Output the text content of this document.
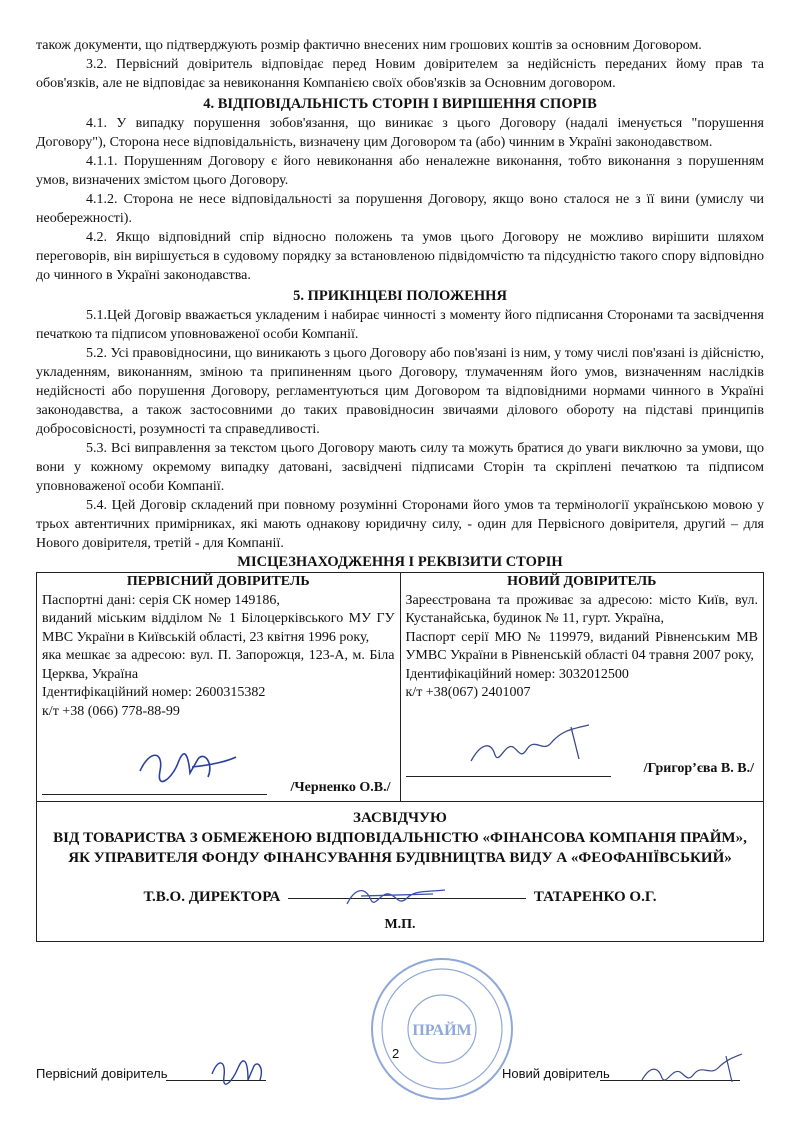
також документи, що підтверджують розмір фактично внесених ним грошових коштів за основним Договором.

3.2. Первісний довіритель відповідає перед Новим довірителем за недійсність переданих йому прав та обов'язків, але не відповідає за невиконання Компанією своїх обов'язків за Основним договором.

4. ВІДПОВІДАЛЬНІСТЬ СТОРІН І ВИРІШЕННЯ СПОРІВ

4.1. У випадку порушення зобов'язання, що виникає з цього Договору (надалі іменується "порушення Договору"), Сторона несе відповідальність, визначену цим Договором та (або) чинним в Україні законодавством.

4.1.1. Порушенням Договору є його невиконання або неналежне виконання, тобто виконання з порушенням умов, визначених змістом цього Договору.

4.1.2. Сторона не несе відповідальності за порушення Договору, якщо воно сталося не з її вини (умислу чи необережності).

4.2. Якщо відповідний спір відносно положень та умов цього Договору не можливо вирішити шляхом переговорів, він вирішується в судовому порядку за встановленою підвідомчістю та підсудністю такого спору відповідно до чинного в Україні законодавства.

5. ПРИКІНЦЕВІ ПОЛОЖЕННЯ

5.1.Цей Договір вважається укладеним і набирає чинності з моменту його підписання Сторонами та засвідчення печаткою та підписом уповноваженої особи Компанії.

5.2. Усі правовідносини, що виникають з цього Договору або пов'язані із ним, у тому числі пов'язані із дійсністю, укладенням, виконанням, зміною та припиненням цього Договору, тлумаченням його умов, визначенням наслідків недійсності або порушення Договору, регламентуються цим Договором та відповідними нормами чинного в Україні законодавства, а також застосовними до таких правовідносин звичаями ділового обороту на підставі принципів добросовісності, розумності та справедливості.

5.3. Всі виправлення за текстом цього Договору мають силу та можуть братися до уваги виключно за умови, що вони у кожному окремому випадку датовані, засвідчені підписами Сторін та скріплені печаткою та підписом уповноваженої особи Компанії.

5.4. Цей Договір складений при повному розумінні Сторонами його умов та термінології українською мовою у трьох автентичних примірниках, які мають однакову юридичну силу, - один для Первісного довірителя, другий – для Нового довірителя, третій - для Компанії.

МІСЦЕЗНАХОДЖЕННЯ І РЕКВІЗИТИ СТОРІН
ПЕРВІСНИЙ ДОВІРИТЕЛЬ

Паспортні дані: серія СК номер 149186,

виданий міським відділом № 1 Білоцерківського МУ ГУ МВС України в Київській області, 23 квітня 1996 року,

яка мешкає за адресою: вул. П. Запорожця, 123-А, м. Біла Церква, Україна

Ідентифікаційний номер: 2600315382

к/т +38 (066) 778-88-99

/Черненко О.В./

НОВИЙ ДОВІРИТЕЛЬ

Зареєстрована та проживає за адресою: місто Київ, вул. Кустанайська, будинок № 11, гурт. Україна,

Паспорт серії МЮ № 119979, виданий Рівненським МВ УМВС України в Рівненській області 04 травня 2007 року,

Ідентифікаційний номер: 3032012500

к/т +38(067) 2401007

/Григор’єва В. В./

ЗАСВІДЧУЮ
ВІД ТОВАРИСТВА З ОБМЕЖЕНОЮ ВІДПОВІДАЛЬНІСТЮ «ФІНАНСОВА КОМПАНІЯ ПРАЙМ», ЯК УПРАВИТЕЛЯ ФОНДУ ФІНАНСУВАННЯ БУДІВНИЦТВА ВИДУ А «ФЕОФАНІЇВСЬКИЙ»
Т.В.О. ДИРЕКТОРА	ТАТАРЕНКО О.Г.
М.П.
ПРАЙМ
Первісний довіритель
2
Новий довіритель
